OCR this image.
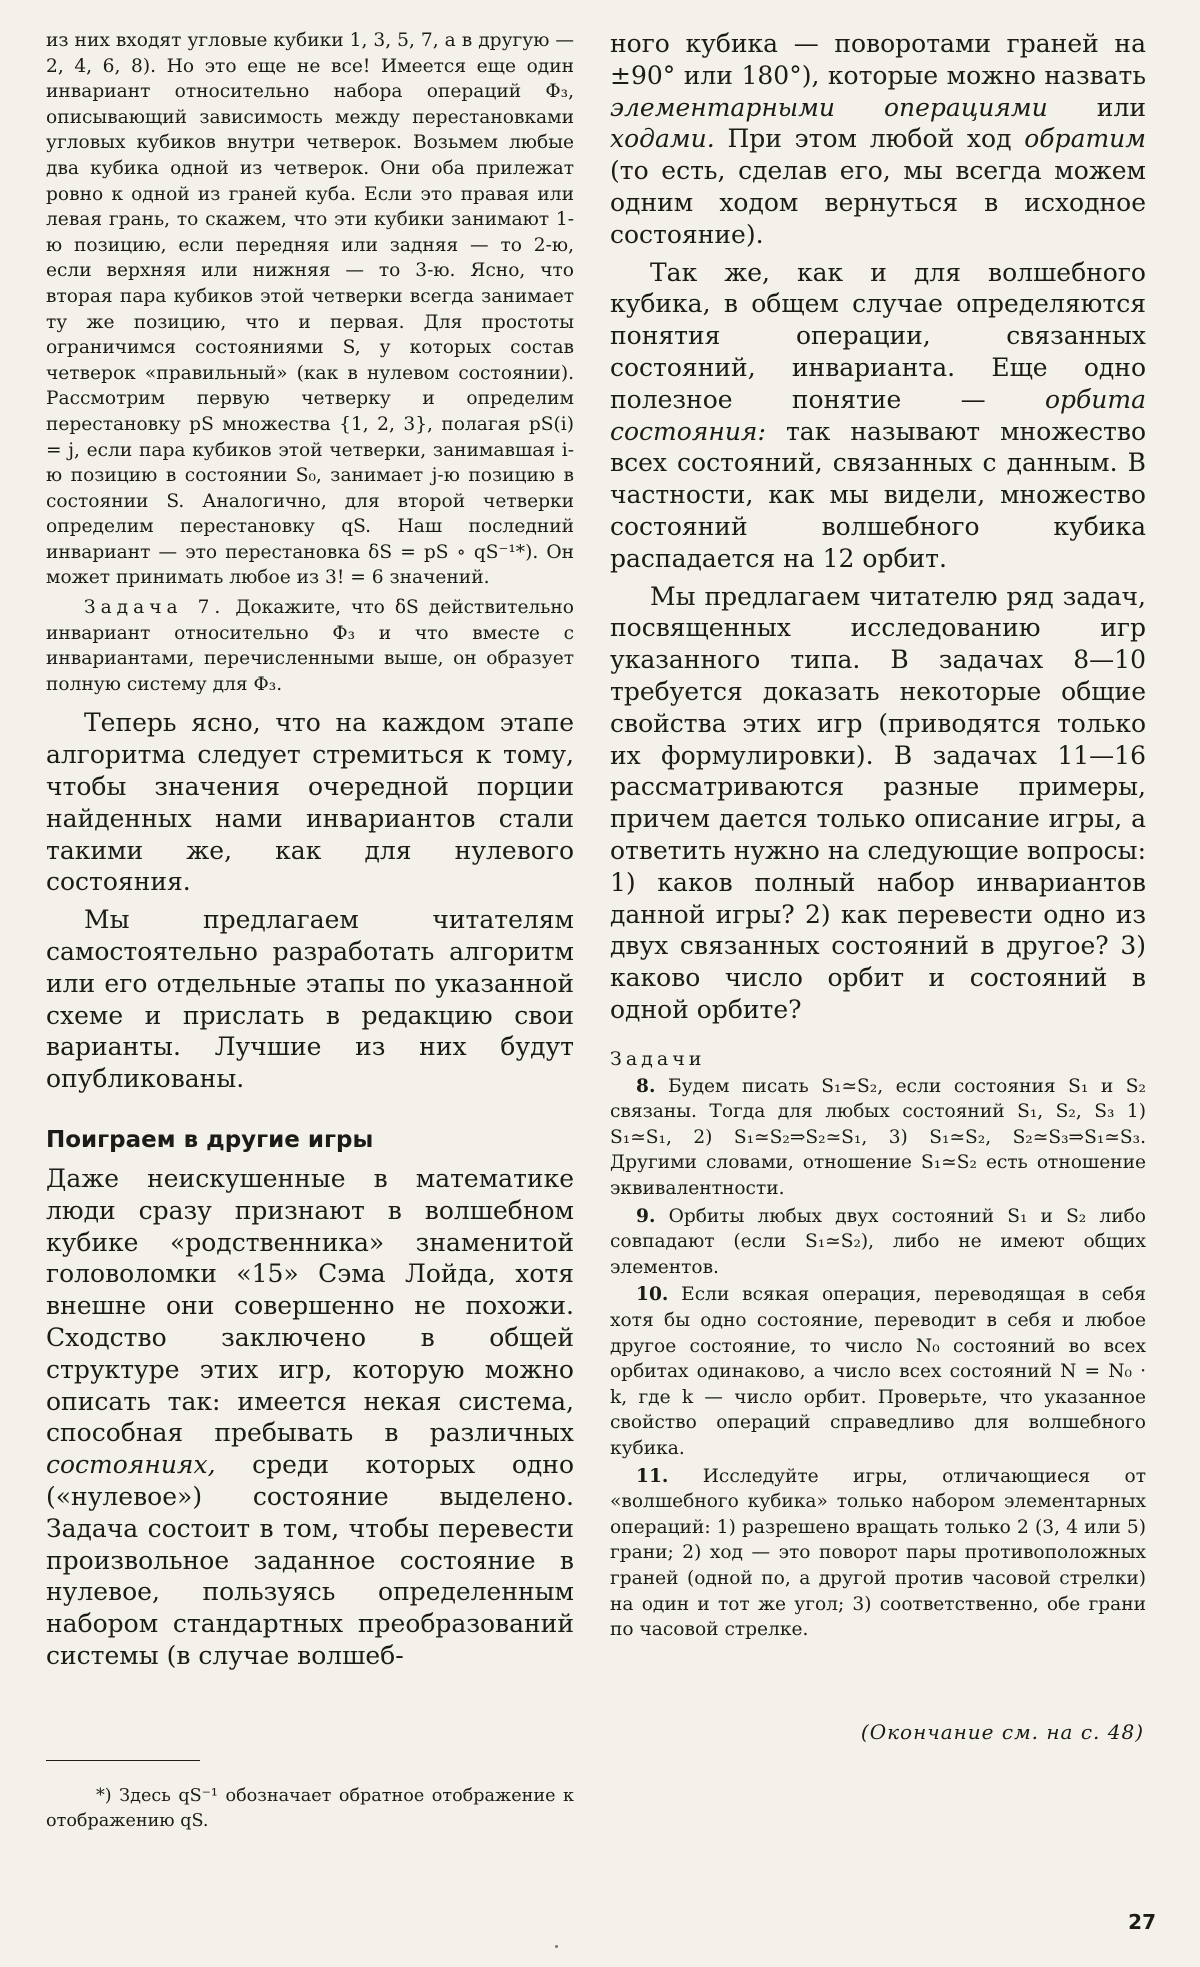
из них входят угловые кубики 1, 3, 5, 7, а в другую — 2, 4, 6, 8). Но это еще не все! Имеется еще один инвариант относительно набора операций Φ₃, описывающий зависимость между перестановками угловых кубиков внутри четверок. Возьмем любые два кубика одной из четверок. Они оба прилежат ровно к одной из граней куба. Если это правая или левая грань, то скажем, что эти кубики занимают 1-ю позицию, если передняя или задняя — то 2-ю, если верхняя или нижняя — то 3-ю. Ясно, что вторая пара кубиков этой четверки всегда занимает ту же позицию, что и первая. Для простоты ограничимся состояниями S, у которых состав четверок «правильный» (как в нулевом состоянии). Рассмотрим первую четверку и определим перестановку pS множества {1, 2, 3}, полагая pS(i) = j, если пара кубиков этой четверки, занимавшая i-ю позицию в состоянии S₀, занимает j-ю позицию в состоянии S. Аналогично, для второй четверки определим перестановку qS. Наш последний инвариант — это перестановка δS = pS ∘ qS⁻¹*). Он может принимать любое из 3! = 6 значений.

Задача 7. Докажите, что δS действительно инвариант относительно Φ₃ и что вместе с инвариантами, перечисленными выше, он образует полную систему для Φ₃.

Теперь ясно, что на каждом этапе алгоритма следует стремиться к тому, чтобы значения очередной порции найденных нами инвариантов стали такими же, как для нулевого состояния.

Мы предлагаем читателям самостоятельно разработать алгоритм или его отдельные этапы по указанной схеме и прислать в редакцию свои варианты. Лучшие из них будут опубликованы.

Поиграем в другие игры

Даже неискушенные в математике люди сразу признают в волшебном кубике «родственника» знаменитой головоломки «15» Сэма Лойда, хотя внешне они совершенно не похожи. Сходство заключено в общей структуре этих игр, которую можно описать так: имеется некая система, способная пребывать в различных состояниях, среди которых одно («нулевое») состояние выделено. Задача состоит в том, чтобы перевести произвольное заданное состояние в нулевое, пользуясь определенным набором стандартных преобразований системы (в случае волшеб-

ного кубика — поворотами граней на ±90° или 180°), которые можно назвать элементарными операциями или ходами. При этом любой ход обратим (то есть, сделав его, мы всегда можем одним ходом вернуться в исходное состояние).

Так же, как и для волшебного кубика, в общем случае определяются понятия операции, связанных состояний, инварианта. Еще одно полезное понятие — орбита состояния: так называют множество всех состояний, связанных с данным. В частности, как мы видели, множество состояний волшебного кубика распадается на 12 орбит.

Мы предлагаем читателю ряд задач, посвященных исследованию игр указанного типа. В задачах 8—10 требуется доказать некоторые общие свойства этих игр (приводятся только их формулировки). В задачах 11—16 рассматриваются разные примеры, причем дается только описание игры, а ответить нужно на следующие вопросы: 1) каков полный набор инвариантов данной игры? 2) как перевести одно из двух связанных состояний в другое? 3) каково число орбит и состояний в одной орбите?

Задачи

8. Будем писать S₁≃S₂, если состояния S₁ и S₂ связаны. Тогда для любых состояний S₁, S₂, S₃ 1) S₁≃S₁, 2) S₁≃S₂⇒S₂≃S₁, 3) S₁≃S₂, S₂≃S₃⇒S₁≃S₃. Другими словами, отношение S₁≃S₂ есть отношение эквивалентности.

9. Орбиты любых двух состояний S₁ и S₂ либо совпадают (если S₁≃S₂), либо не имеют общих элементов.

10. Если всякая операция, переводящая в себя хотя бы одно состояние, переводит в себя и любое другое состояние, то число N₀ состояний во всех орбитах одинаково, а число всех состояний N = N₀ · k, где k — число орбит. Проверьте, что указанное свойство операций справедливо для волшебного кубика.

11. Исследуйте игры, отличающиеся от «волшебного кубика» только набором элементарных операций: 1) разрешено вращать только 2 (3, 4 или 5) грани; 2) ход — это поворот пары противоположных граней (одной по, а другой против часовой стрелки) на один и тот же угол; 3) соответственно, обе грани по часовой стрелке.

(Окончание см. на с. 48)

*) Здесь qS⁻¹ обозначает обратное отображение к отображению qS.

27
